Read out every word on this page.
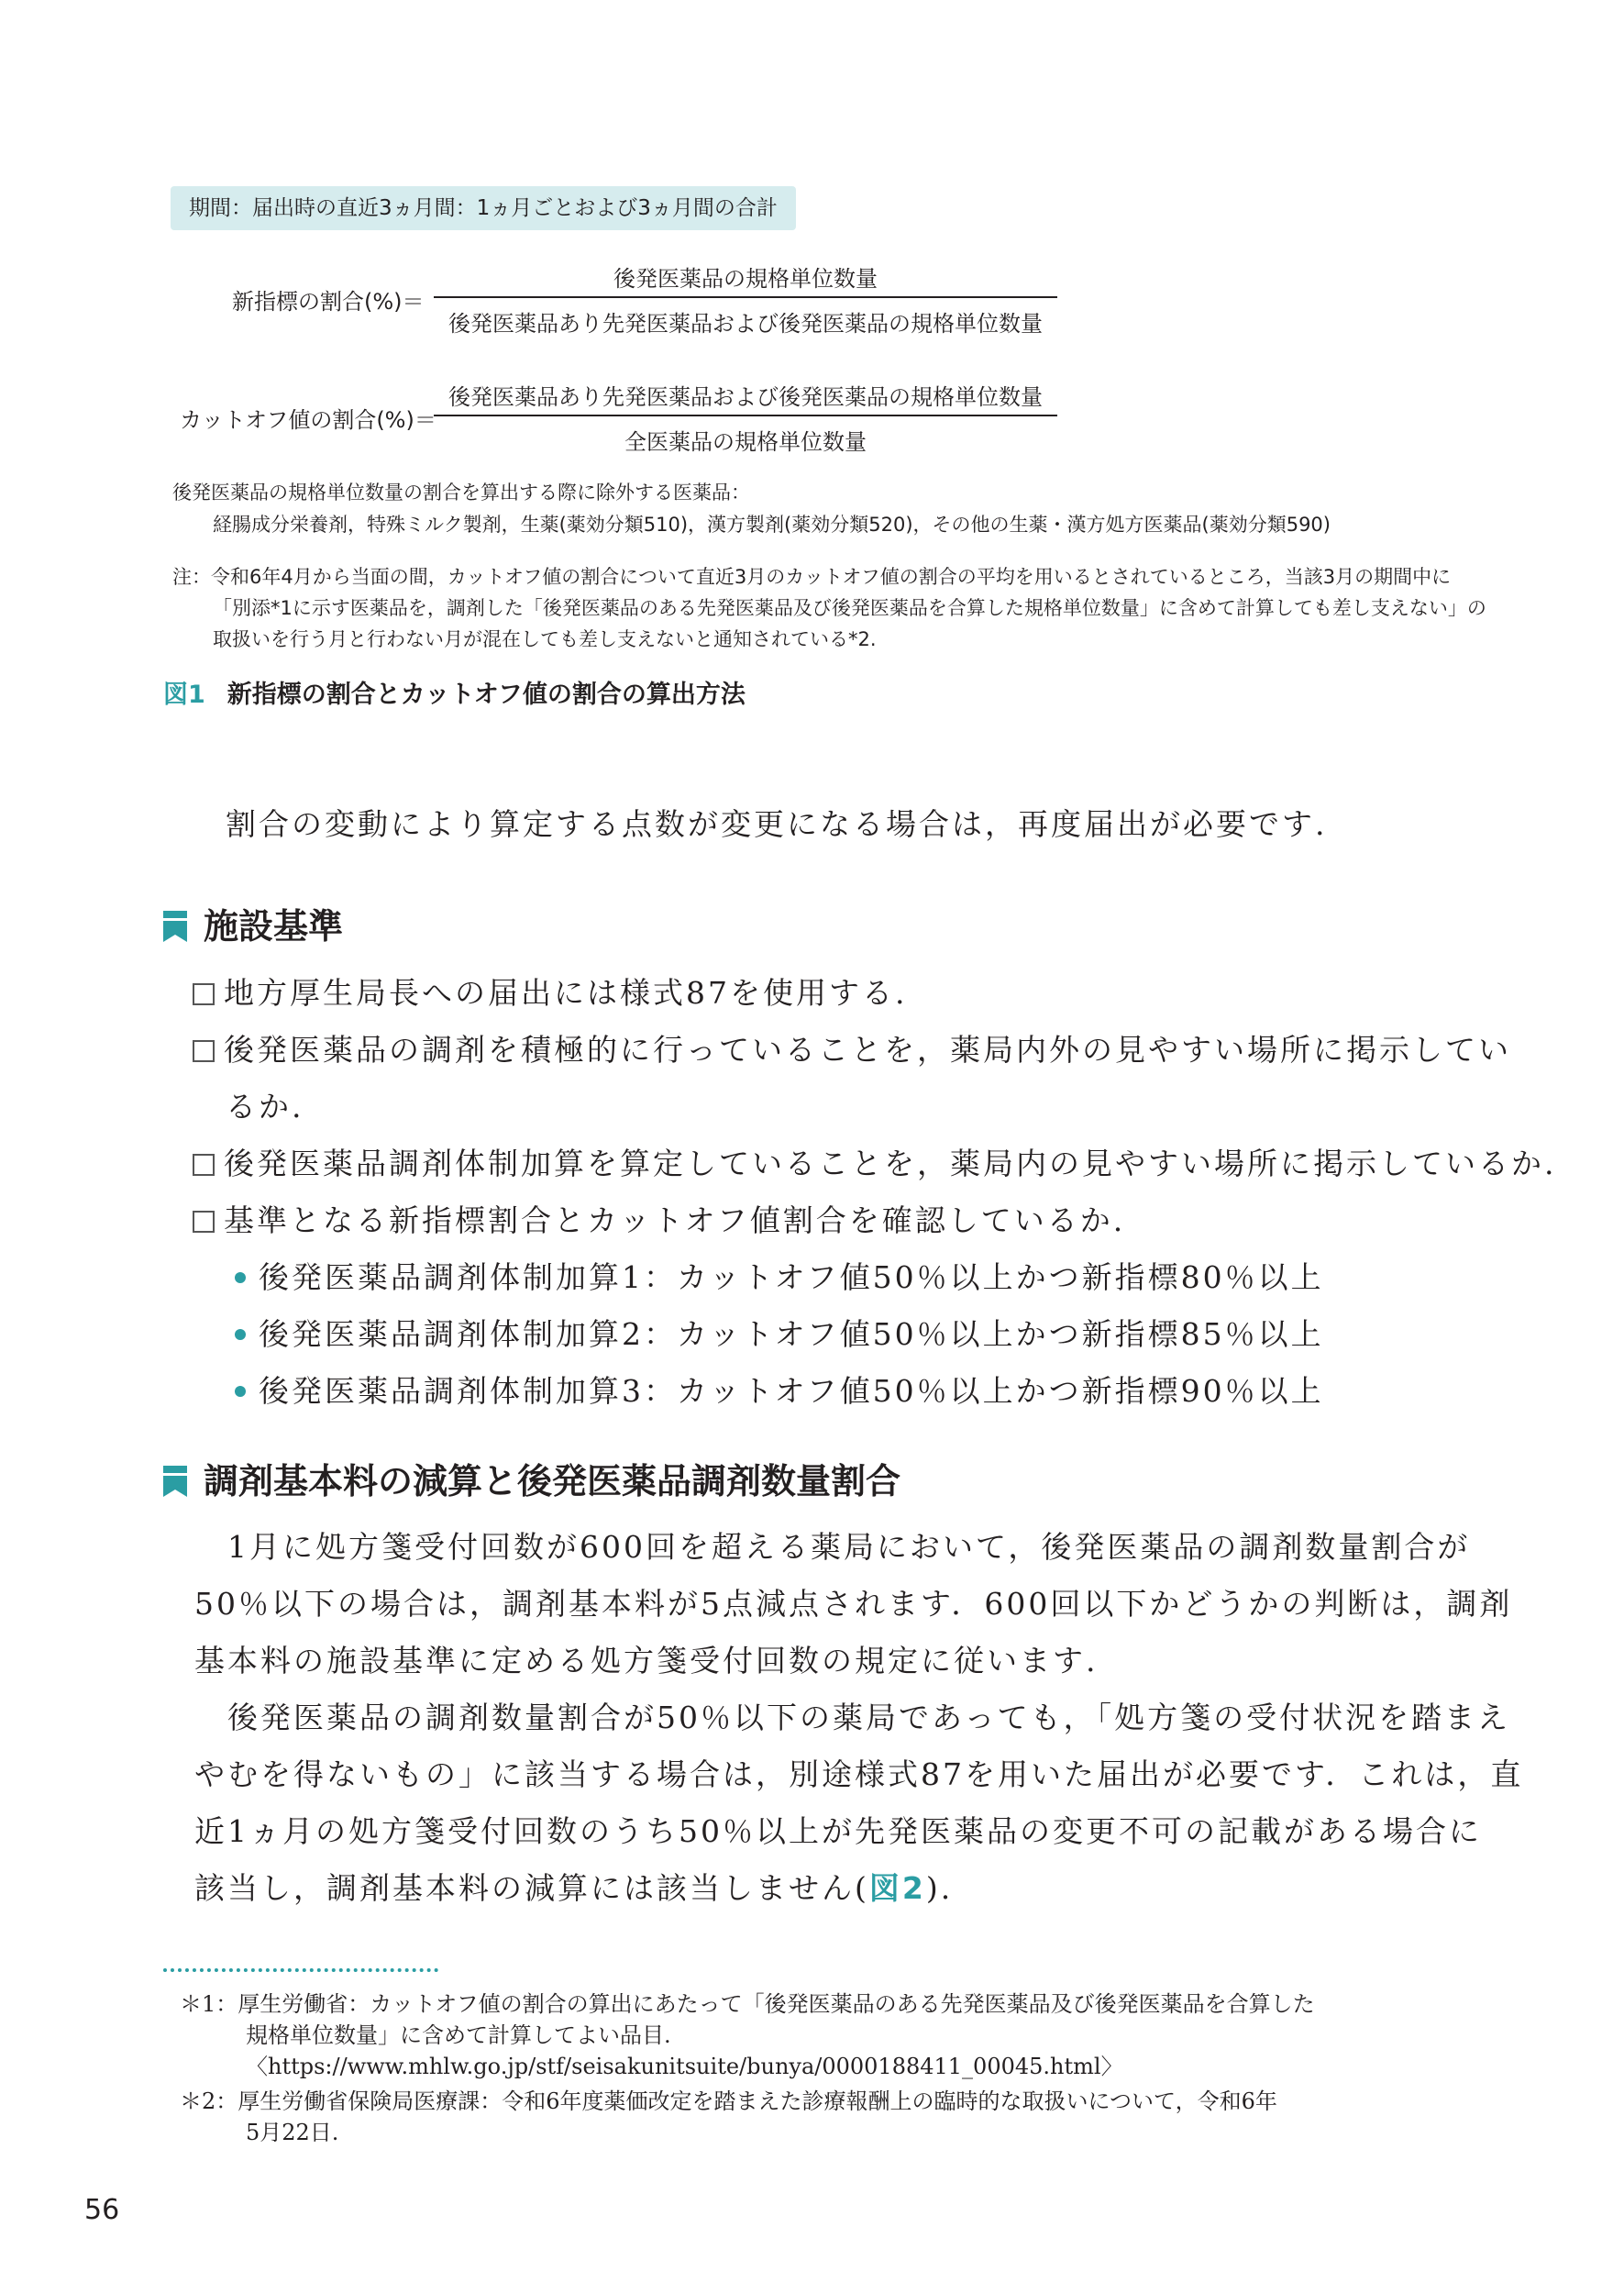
期間：届出時の直近3ヵ月間：1ヵ月ごとおよび3ヵ月間の合計
新指標の割合(%)＝
後発医薬品の規格単位数量
後発医薬品あり先発医薬品および後発医薬品の規格単位数量
カットオフ値の割合(%)＝
後発医薬品あり先発医薬品および後発医薬品の規格単位数量
全医薬品の規格単位数量
後発医薬品の規格単位数量の割合を算出する際に除外する医薬品：
経腸成分栄養剤，特殊ミルク製剤，生薬(薬効分類510)，漢方製剤(薬効分類520)，その他の生薬・漢方処方医薬品(薬効分類590)
注：令和6年4月から当面の間，カットオフ値の割合について直近3月のカットオフ値の割合の平均を用いるとされているところ，当該3月の期間中に
「別添*1に示す医薬品を，調剤した「後発医薬品のある先発医薬品及び後発医薬品を合算した規格単位数量」に含めて計算しても差し支えない」の
取扱いを行う月と行わない月が混在しても差し支えないと通知されている*2.
図1 新指標の割合とカットオフ値の割合の算出方法
割合の変動により算定する点数が変更になる場合は，再度届出が必要です.
施設基準
地方厚生局長への届出には様式87を使用する.
後発医薬品の調剤を積極的に行っていることを，薬局内外の見やすい場所に掲示してい
るか.
後発医薬品調剤体制加算を算定していることを，薬局内の見やすい場所に掲示しているか.
基準となる新指標割合とカットオフ値割合を確認しているか.
後発医薬品調剤体制加算1：カットオフ値50％以上かつ新指標80％以上
後発医薬品調剤体制加算2：カットオフ値50％以上かつ新指標85％以上
後発医薬品調剤体制加算3：カットオフ値50％以上かつ新指標90％以上
調剤基本料の減算と後発医薬品調剤数量割合
　1月に処方箋受付回数が600回を超える薬局において，後発医薬品の調剤数量割合が
50％以下の場合は，調剤基本料が5点減点されます．600回以下かどうかの判断は，調剤
基本料の施設基準に定める処方箋受付回数の規定に従います.
　後発医薬品の調剤数量割合が50％以下の薬局であっても，「処方箋の受付状況を踏まえ
やむを得ないもの」に該当する場合は，別途様式87を用いた届出が必要です．これは，直
近1ヵ月の処方箋受付回数のうち50％以上が先発医薬品の変更不可の記載がある場合に
該当し，調剤基本料の減算には該当しません(図2).
＊1：厚生労働省：カットオフ値の割合の算出にあたって「後発医薬品のある先発医薬品及び後発医薬品を合算した
規格単位数量」に含めて計算してよい品目.
〈https://www.mhlw.go.jp/stf/seisakunitsuite/bunya/0000188411_00045.html〉
＊2：厚生労働省保険局医療課：令和6年度薬価改定を踏まえた診療報酬上の臨時的な取扱いについて，令和6年
5月22日.
56
